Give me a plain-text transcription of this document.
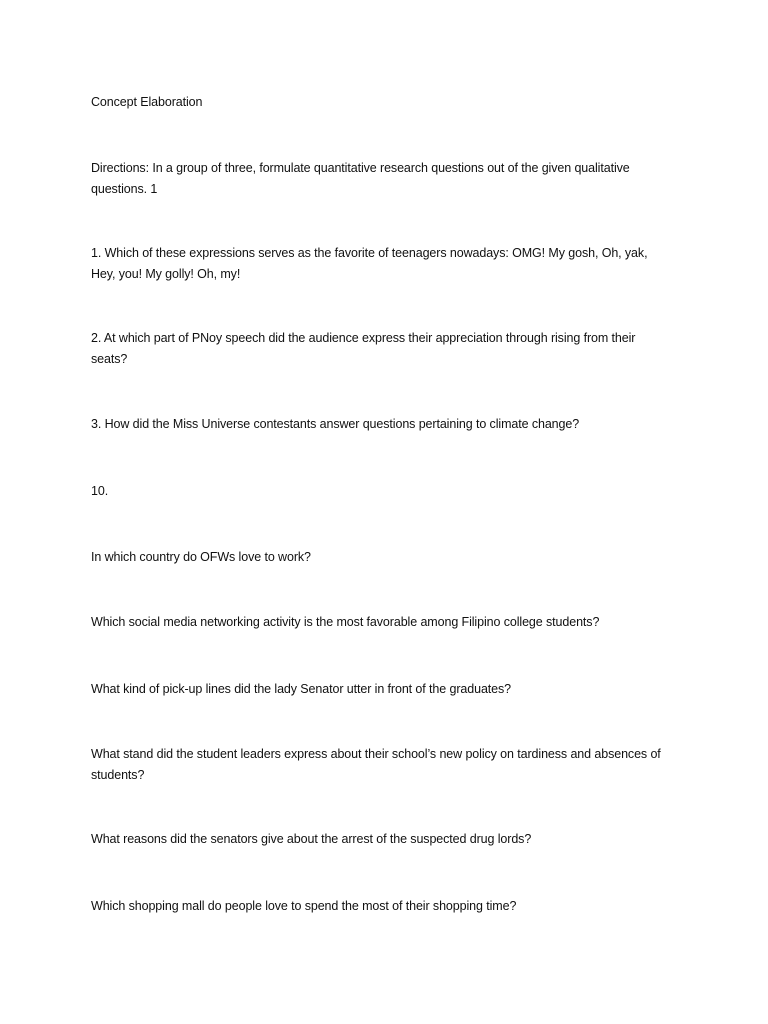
Concept Elaboration

Directions: In a group of three, formulate quantitative research questions out of the given qualitative questions. 1

1. Which of these expressions serves as the favorite of teenagers nowadays: OMG! My gosh, Oh, yak, Hey, you! My golly! Oh, my!

2. At which part of PNoy speech did the audience express their appreciation through rising from their seats?

3. How did the Miss Universe contestants answer questions pertaining to climate change?

10.

In which country do OFWs love to work?

Which social media networking activity is the most favorable among Filipino college students?

What kind of pick-up lines did the lady Senator utter in front of the graduates?

What stand did the student leaders express about their school’s new policy on tardiness and absences of students?

What reasons did the senators give about the arrest of the suspected drug lords?

Which shopping mall do people love to spend the most of their shopping time?
